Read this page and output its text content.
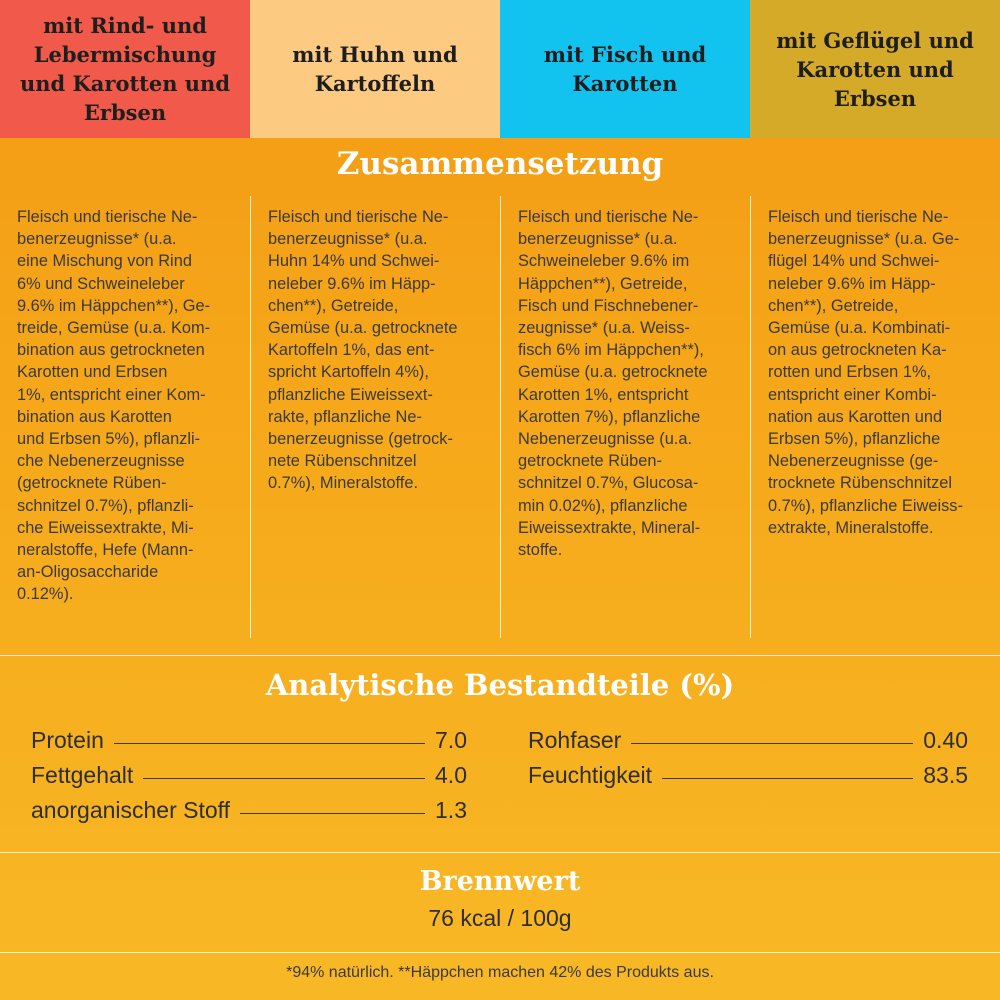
mit Rind- und
Lebermischung
und Karotten und
Erbsen
mit Huhn und
Kartoffeln
mit Fisch und
Karotten
mit Geflügel und
Karotten und
Erbsen
Zusammensetzung
Fleisch und tierische Ne-
benerzeugnisse* (u.a.
eine Mischung von Rind
6% und Schweineleber
9.6% im Häppchen**), Ge-
treide, Gemüse (u.a. Kom-
bination aus getrockneten
Karotten und Erbsen
1%, entspricht einer Kom-
bination aus Karotten
und Erbsen 5%), pflanzli-
che Nebenerzeugnisse
(getrocknete Rüben-
schnitzel 0.7%), pflanzli-
che Eiweissextrakte, Mi-
neralstoffe, Hefe (Mann-
an-Oligosaccharide
0.12%).
Fleisch und tierische Ne-
benerzeugnisse* (u.a.
Huhn 14% und Schwei-
neleber 9.6% im Häpp-
chen**), Getreide,
Gemüse (u.a. getrocknete
Kartoffeln 1%, das ent-
spricht Kartoffeln 4%),
pflanzliche Eiweissext-
rakte, pflanzliche Ne-
benerzeugnisse (getrock-
nete Rübenschnitzel
0.7%), Mineralstoffe.
Fleisch und tierische Ne-
benerzeugnisse* (u.a.
Schweineleber 9.6% im
Häppchen**), Getreide,
Fisch und Fischnebener-
zeugnisse* (u.a. Weiss-
fisch 6% im Häppchen**),
Gemüse (u.a. getrocknete
Karotten 1%, entspricht
Karotten 7%), pflanzliche
Nebenerzeugnisse (u.a.
getrocknete Rüben-
schnitzel 0.7%, Glucosa-
min 0.02%), pflanzliche
Eiweissextrakte, Mineral-
stoffe.
Fleisch und tierische Ne-
benerzeugnisse* (u.a. Ge-
flügel 14% und Schwei-
neleber 9.6% im Häpp-
chen**), Getreide,
Gemüse (u.a. Kombinati-
on aus getrockneten Ka-
rotten und Erbsen 1%,
entspricht einer Kombi-
nation aus Karotten und
Erbsen 5%), pflanzliche
Nebenerzeugnisse (ge-
trocknete Rübenschnitzel
0.7%), pflanzliche Eiweiss-
extrakte, Mineralstoffe.
Analytische Bestandteile (%)
Protein	7.0
Fettgehalt	4.0
anorganischer Stoff	1.3
Rohfaser	0.40
Feuchtigkeit	83.5
Brennwert
76 kcal / 100g
*94% natürlich. **Häppchen machen 42% des Produkts aus.
